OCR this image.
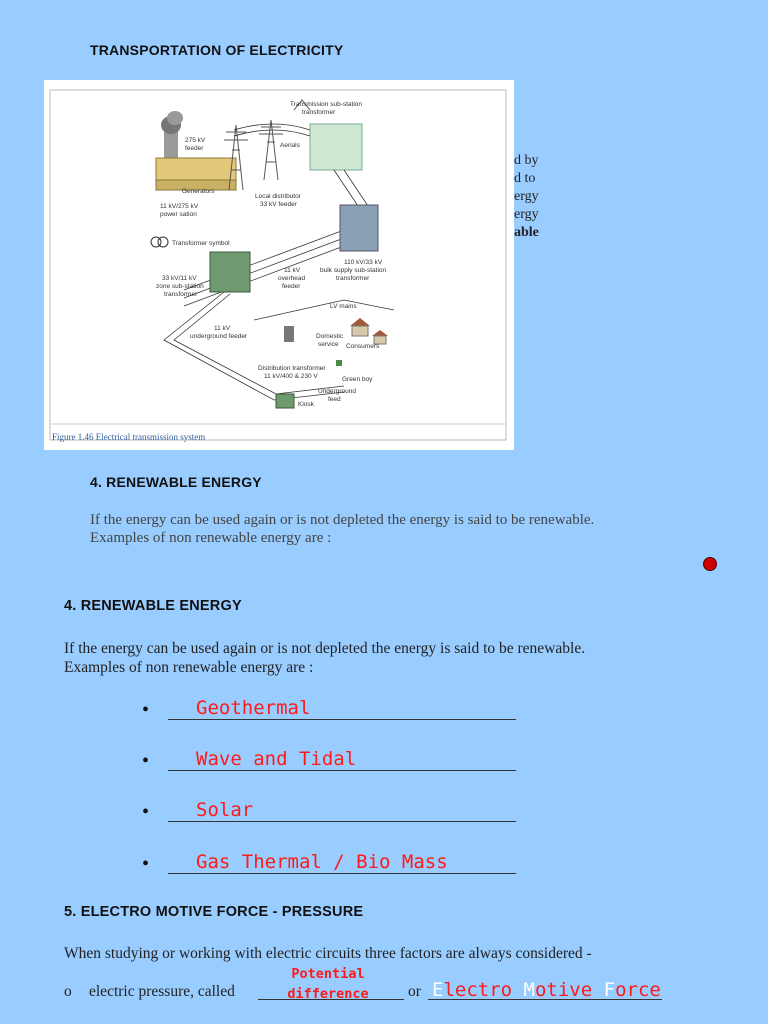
TRANSPORTATION OF ELECTRICITY
d by
d to
ergy
ergy
able
Figure 1.46 Electrical transmission system
275 kV
feeder
Generators
11 kV/275 kV
power sation
Aerials
Transmission sub-station
transformer
Local distributor
33 kV feeder
Transformer symbol
110 kV/33 kV
bulk supply sub-station
transformer
11 kV
overhead
feeder
33 kV/11 kV
zone sub-station
transformer
11 kV
underground feeder
LV mains
Domestic
service Consumers
Distribution transformer
11 kV/400 & 230 V	Green boy
Underground
feed
Kiosk
4. RENEWABLE ENERGY
If the energy can be used again or is not depleted the energy is said to be renewable.
Examples of non renewable energy are :
4. RENEWABLE ENERGY
If the energy can be used again or is not depleted the energy is said to be renewable.
Examples of non renewable energy are :
• Geothermal
• Wave and Tidal
• Solar
• Gas Thermal / Bio Mass
5. ELECTRO MOTIVE FORCE - PRESSURE
When studying or working with electric circuits three factors are always considered -
o electric pressure, called
Potential
difference	or Electro Motive Force
